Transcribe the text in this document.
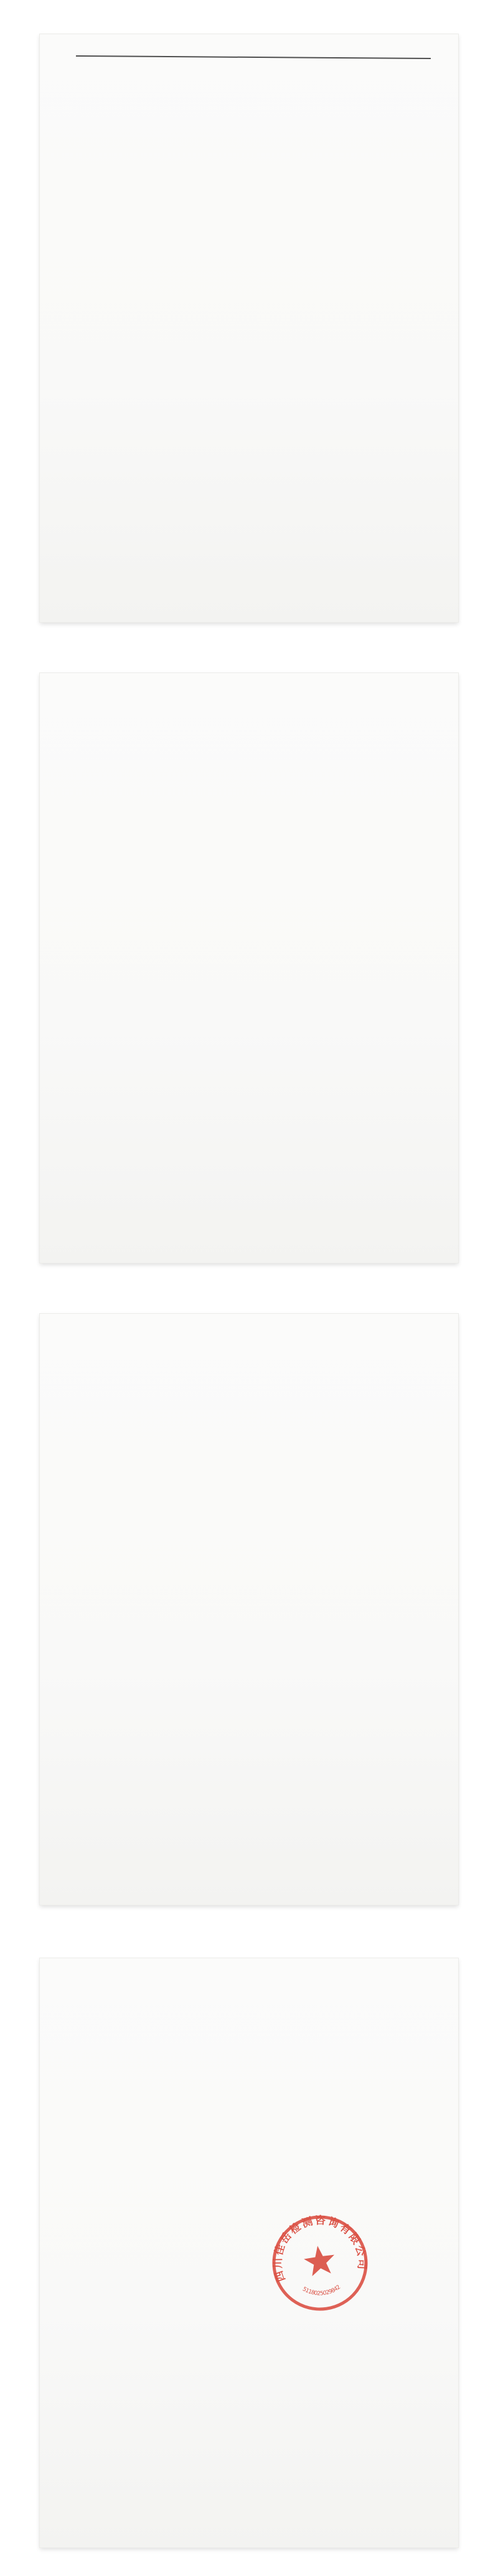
四川佳岳检测咨询有限公司
5118025029842
